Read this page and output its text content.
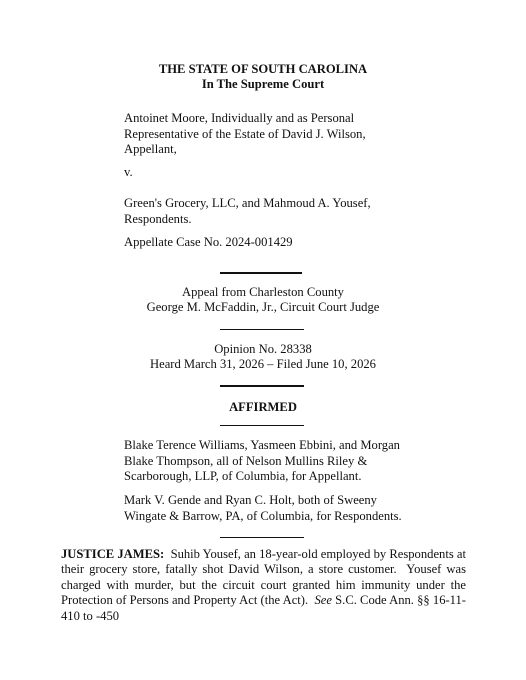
THE STATE OF SOUTH CAROLINA
In The Supreme Court
Antoinet Moore, Individually and as Personal
Representative of the Estate of David J. Wilson,
Appellant,
v.
Green's Grocery, LLC, and Mahmoud A. Yousef,
Respondents.
Appellate Case No. 2024-001429
Appeal from Charleston County
George M. McFaddin, Jr., Circuit Court Judge
Opinion No. 28338
Heard March 31, 2026 – Filed June 10, 2026
AFFIRMED
Blake Terence Williams, Yasmeen Ebbini, and Morgan
Blake Thompson, all of Nelson Mullins Riley &
Scarborough, LLP, of Columbia, for Appellant.
Mark V. Gende and Ryan C. Holt, both of Sweeny
Wingate & Barrow, PA, of Columbia, for Respondents.
JUSTICE JAMES: Suhib Yousef, an 18-year-old employed by Respondents at their grocery store, fatally shot David Wilson, a store customer. Yousef was charged with murder, but the circuit court granted him immunity under the Protection of Persons and Property Act (the Act). See S.C. Code Ann. §§ 16-11-410 to -450
